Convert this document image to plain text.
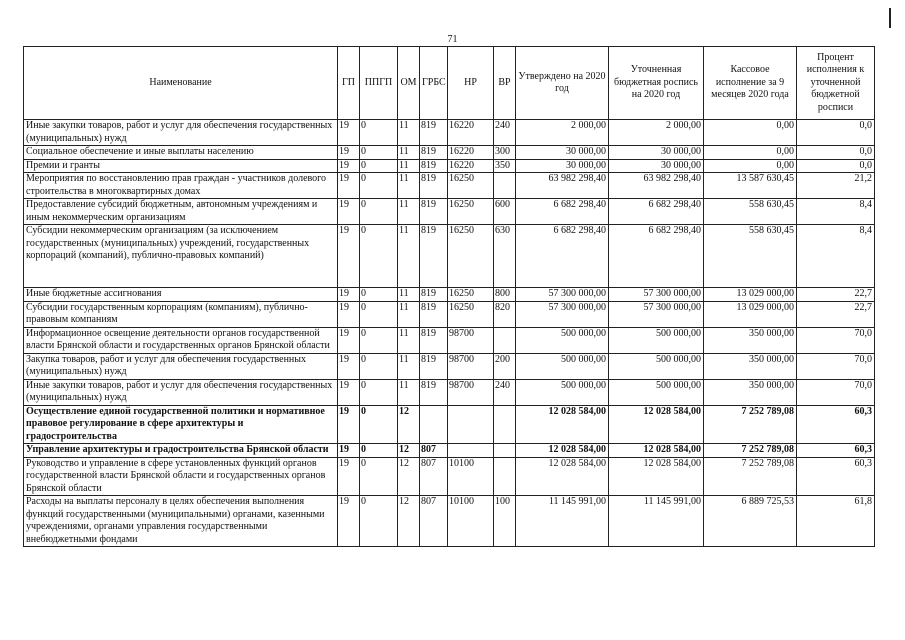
71
Наименование	ГП	ППГП	ОМ	ГРБС	НР	ВР	Утверждено на 2020 год	Уточненная бюджетная роспись на 2020 год	Кассовое исполнение за 9 месяцев 2020 года	Процент исполнения к уточненной бюджетной росписи
Иные закупки товаров, работ и услуг для обеспечения государственных (муниципальных) нужд	19	0	11	819	16220	240	2 000,00	2 000,00	0,00	0,0
Социальное обеспечение и иные выплаты населению	19	0	11	819	16220	300	30 000,00	30 000,00	0,00	0,0
Премии и гранты	19	0	11	819	16220	350	30 000,00	30 000,00	0,00	0,0
Мероприятия по восстановлению прав граждан - участников долевого строительства в многоквартирных домах	19	0	11	819	16250		63 982 298,40	63 982 298,40	13 587 630,45	21,2
Предоставление субсидий бюджетным, автономным учреждениям и иным некоммерческим организациям	19	0	11	819	16250	600	6 682 298,40	6 682 298,40	558 630,45	8,4
Субсидии некоммерческим организациям (за исключением государственных (муниципальных) учреждений, государственных корпораций (компаний), публично-правовых компаний)	19	0	11	819	16250	630	6 682 298,40	6 682 298,40	558 630,45	8,4
Иные бюджетные ассигнования	19	0	11	819	16250	800	57 300 000,00	57 300 000,00	13 029 000,00	22,7
Субсидии государственным корпорациям (компаниям), публично-правовым компаниям	19	0	11	819	16250	820	57 300 000,00	57 300 000,00	13 029 000,00	22,7
Информационное освещение деятельности органов государственной власти Брянской области и государственных органов Брянской области	19	0	11	819	98700		500 000,00	500 000,00	350 000,00	70,0
Закупка товаров, работ и услуг для обеспечения государственных (муниципальных) нужд	19	0	11	819	98700	200	500 000,00	500 000,00	350 000,00	70,0
Иные закупки товаров, работ и услуг для обеспечения государственных (муниципальных) нужд	19	0	11	819	98700	240	500 000,00	500 000,00	350 000,00	70,0
Осуществление единой государственной политики и нормативное правовое регулирование в сфере архитектуры и градостроительства	19	0	12				12 028 584,00	12 028 584,00	7 252 789,08	60,3
Управление архитектуры и градостроительства Брянской области	19	0	12	807			12 028 584,00	12 028 584,00	7 252 789,08	60,3
Руководство и управление в сфере установленных функций органов государственной власти Брянской области и государственных органов Брянской области	19	0	12	807	10100		12 028 584,00	12 028 584,00	7 252 789,08	60,3
Расходы на выплаты персоналу в целях обеспечения выполнения функций государственными (муниципальными) органами, казенными учреждениями, органами управления государственными внебюджетными фондами	19	0	12	807	10100	100	11 145 991,00	11 145 991,00	6 889 725,53	61,8
